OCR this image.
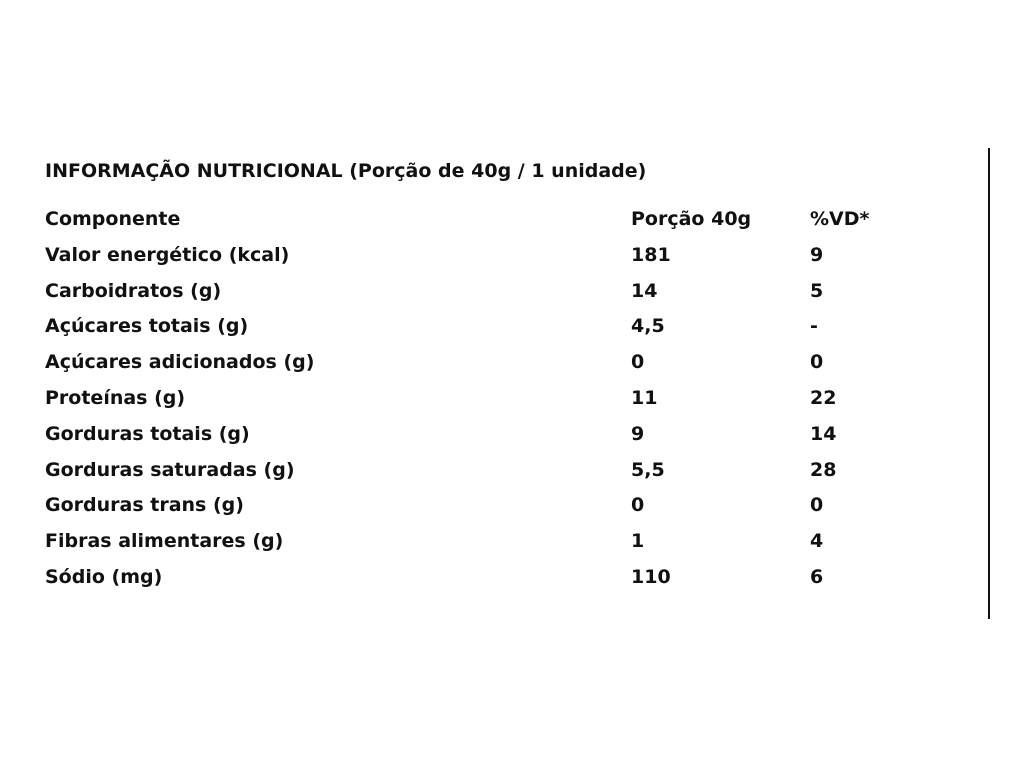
INFORMAÇÃO NUTRICIONAL (Porção de 40g / 1 unidade)
Componente	Porção 40g	%VD*
Valor energético (kcal)	181	9
Carboidratos (g)	14	5
Açúcares totais (g)	4,5	-
Açúcares adicionados (g)	0	0
Proteínas (g)	11	22
Gorduras totais (g)	9	14
Gorduras saturadas (g)	5,5	28
Gorduras trans (g)	0	0
Fibras alimentares (g)	1	4
Sódio (mg)	110	6
